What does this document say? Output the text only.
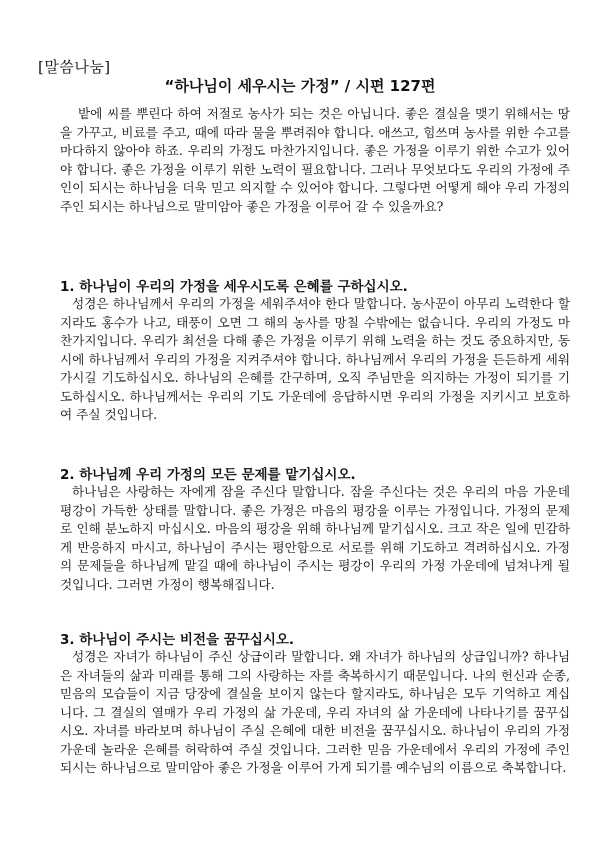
[말씀나눔]
“하나님이 세우시는 가정” / 시편 127편
밭에 씨를 뿌린다 하여 저절로 농사가 되는 것은 아닙니다. 좋은 결실을 맺기 위해서는 땅을 가꾸고, 비료를 주고, 때에 따라 물을 뿌려줘야 합니다. 애쓰고, 힘쓰며 농사를 위한 수고를 마다하지 않아야 하죠. 우리의 가정도 마찬가지입니다. 좋은 가정을 이루기 위한 수고가 있어야 합니다. 좋은 가정을 이루기 위한 노력이 필요합니다. 그러나 무엇보다도 우리의 가정에 주인이 되시는 하나님을 더욱 믿고 의지할 수 있어야 합니다. 그렇다면 어떻게 해야 우리 가정의 주인 되시는 하나님으로 말미암아 좋은 가정을 이루어 갈 수 있을까요?
1. 하나님이 우리의 가정을 세우시도록 은혜를 구하십시오.
성경은 하나님께서 우리의 가정을 세워주셔야 한다 말합니다. 농사꾼이 아무리 노력한다 할지라도 홍수가 나고, 태풍이 오면 그 해의 농사를 망칠 수밖에는 없습니다. 우리의 가정도 마찬가지입니다. 우리가 최선을 다해 좋은 가정을 이루기 위해 노력을 하는 것도 중요하지만, 동시에 하나님께서 우리의 가정을 지켜주셔야 합니다. 하나님께서 우리의 가정을 든든하게 세워가시길 기도하십시오. 하나님의 은혜를 간구하며, 오직 주님만을 의지하는 가정이 되기를 기도하십시오. 하나님께서는 우리의 기도 가운데에 응답하시면 우리의 가정을 지키시고 보호하여 주실 것입니다.
2. 하나님께 우리 가정의 모든 문제를 맡기십시오.
하나님은 사랑하는 자에게 잠을 주신다 말합니다. 잠을 주신다는 것은 우리의 마음 가운데 평강이 가득한 상태를 말합니다. 좋은 가정은 마음의 평강을 이루는 가정입니다. 가정의 문제로 인해 분노하지 마십시오. 마음의 평강을 위해 하나님께 맡기십시오. 크고 작은 일에 민감하게 반응하지 마시고, 하나님이 주시는 평안함으로 서로를 위해 기도하고 격려하십시오. 가정의 문제들을 하나님께 맡길 때에 하나님이 주시는 평강이 우리의 가정 가운데에 넘쳐나게 될 것입니다. 그러면 가정이 행복해집니다.
3. 하나님이 주시는 비전을 꿈꾸십시오.
성경은 자녀가 하나님이 주신 상급이라 말합니다. 왜 자녀가 하나님의 상급입니까? 하나님은 자녀들의 삶과 미래를 통해 그의 사랑하는 자를 축복하시기 때문입니다. 나의 헌신과 순종, 믿음의 모습들이 지금 당장에 결실을 보이지 않는다 할지라도, 하나님은 모두 기억하고 계십니다. 그 결실의 열매가 우리 가정의 삶 가운데, 우리 자녀의 삶 가운데에 나타나기를 꿈꾸십시오. 자녀를 바라보며 하나님이 주실 은혜에 대한 비전을 꿈꾸십시오. 하나님이 우리의 가정 가운데 놀라운 은혜를 허락하여 주실 것입니다. 그러한 믿음 가운데에서 우리의 가정에 주인 되시는 하나님으로 말미암아 좋은 가정을 이루어 가게 되기를 예수님의 이름으로 축복합니다.
